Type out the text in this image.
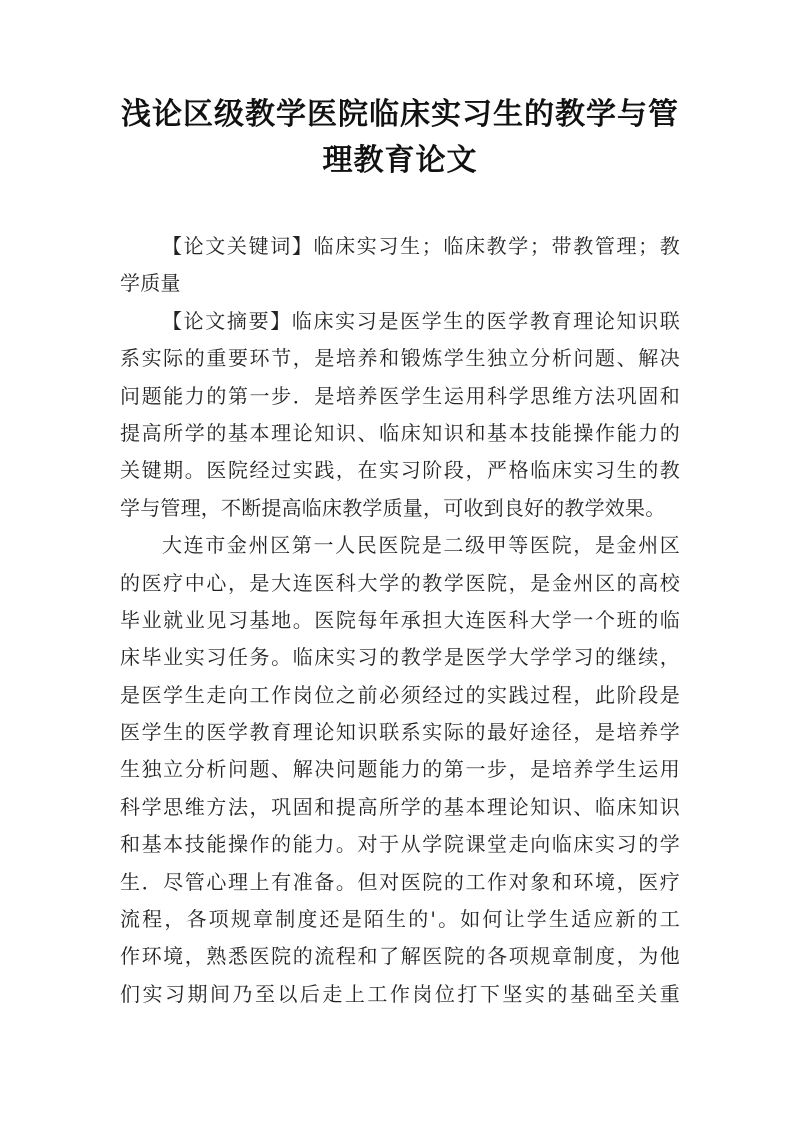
浅论区级教学医院临床实习生的教学与管
理教育论文
【论文关键词】临床实习生；临床教学；带教管理；教
学质量
【论文摘要】临床实习是医学生的医学教育理论知识联
系实际的重要环节，是培养和锻炼学生独立分析问题、解决
问题能力的第一步．是培养医学生运用科学思维方法巩固和
提高所学的基本理论知识、临床知识和基本技能操作能力的
关键期。医院经过实践，在实习阶段，严格临床实习生的教
学与管理，不断提高临床教学质量，可收到良好的教学效果。
大连市金州区第一人民医院是二级甲等医院，是金州区
的医疗中心，是大连医科大学的教学医院，是金州区的高校
毕业就业见习基地。医院每年承担大连医科大学一个班的临
床毕业实习任务。临床实习的教学是医学大学学习的继续，
是医学生走向工作岗位之前必须经过的实践过程，此阶段是
医学生的医学教育理论知识联系实际的最好途径，是培养学
生独立分析问题、解决问题能力的第一步，是培养学生运用
科学思维方法，巩固和提高所学的基本理论知识、临床知识
和基本技能操作的能力。对于从学院课堂走向临床实习的学
生．尽管心理上有准备。但对医院的工作对象和环境，医疗
流程，各项规章制度还是陌生的'。如何让学生适应新的工
作环境，熟悉医院的流程和了解医院的各项规章制度，为他
们实习期间乃至以后走上工作岗位打下坚实的基础至关重
